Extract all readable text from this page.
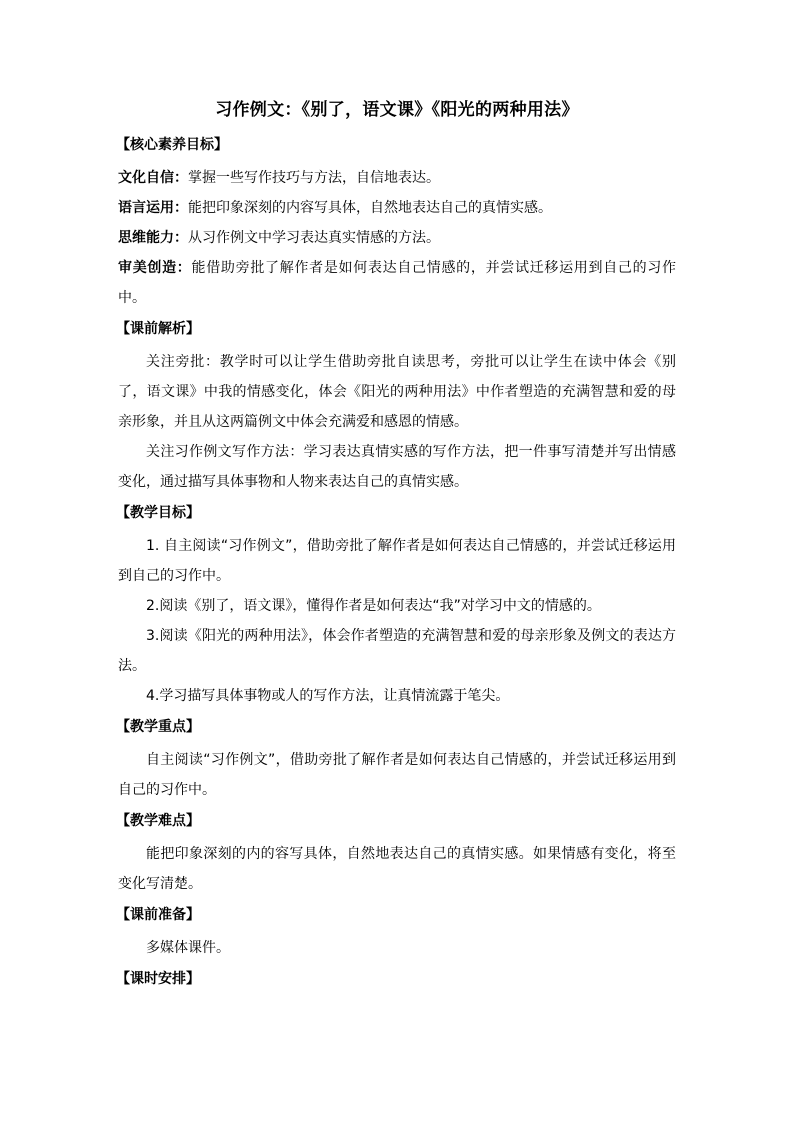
习作例文：《别了，语文课》《阳光的两种用法》
【核心素养目标】

文化自信：掌握一些写作技巧与方法，自信地表达。

语言运用：能把印象深刻的内容写具体，自然地表达自己的真情实感。

思维能力：从习作例文中学习表达真实情感的方法。

审美创造：能借助旁批了解作者是如何表达自己情感的，并尝试迁移运用到自己的习作中。

【课前解析】

关注旁批：教学时可以让学生借助旁批自读思考，旁批可以让学生在读中体会《别了，语文课》中我的情感变化，体会《阳光的两种用法》中作者塑造的充满智慧和爱的母亲形象，并且从这两篇例文中体会充满爱和感恩的情感。

关注习作例文写作方法：学习表达真情实感的写作方法，把一件事写清楚并写出情感变化，通过描写具体事物和人物来表达自己的真情实感。

【教学目标】

1. 自主阅读“习作例文”，借助旁批了解作者是如何表达自己情感的，并尝试迁移运用到自己的习作中。

2.阅读《别了，语文课》，懂得作者是如何表达“我”对学习中文的情感的。

3.阅读《阳光的两种用法》，体会作者塑造的充满智慧和爱的母亲形象及例文的表达方法。

4.学习描写具体事物或人的写作方法，让真情流露于笔尖。

【教学重点】

自主阅读“习作例文”，借助旁批了解作者是如何表达自己情感的，并尝试迁移运用到自己的习作中。

【教学难点】

能把印象深刻的内的容写具体，自然地表达自己的真情实感。如果情感有变化，将至变化写清楚。

【课前准备】

多媒体课件。

【课时安排】
